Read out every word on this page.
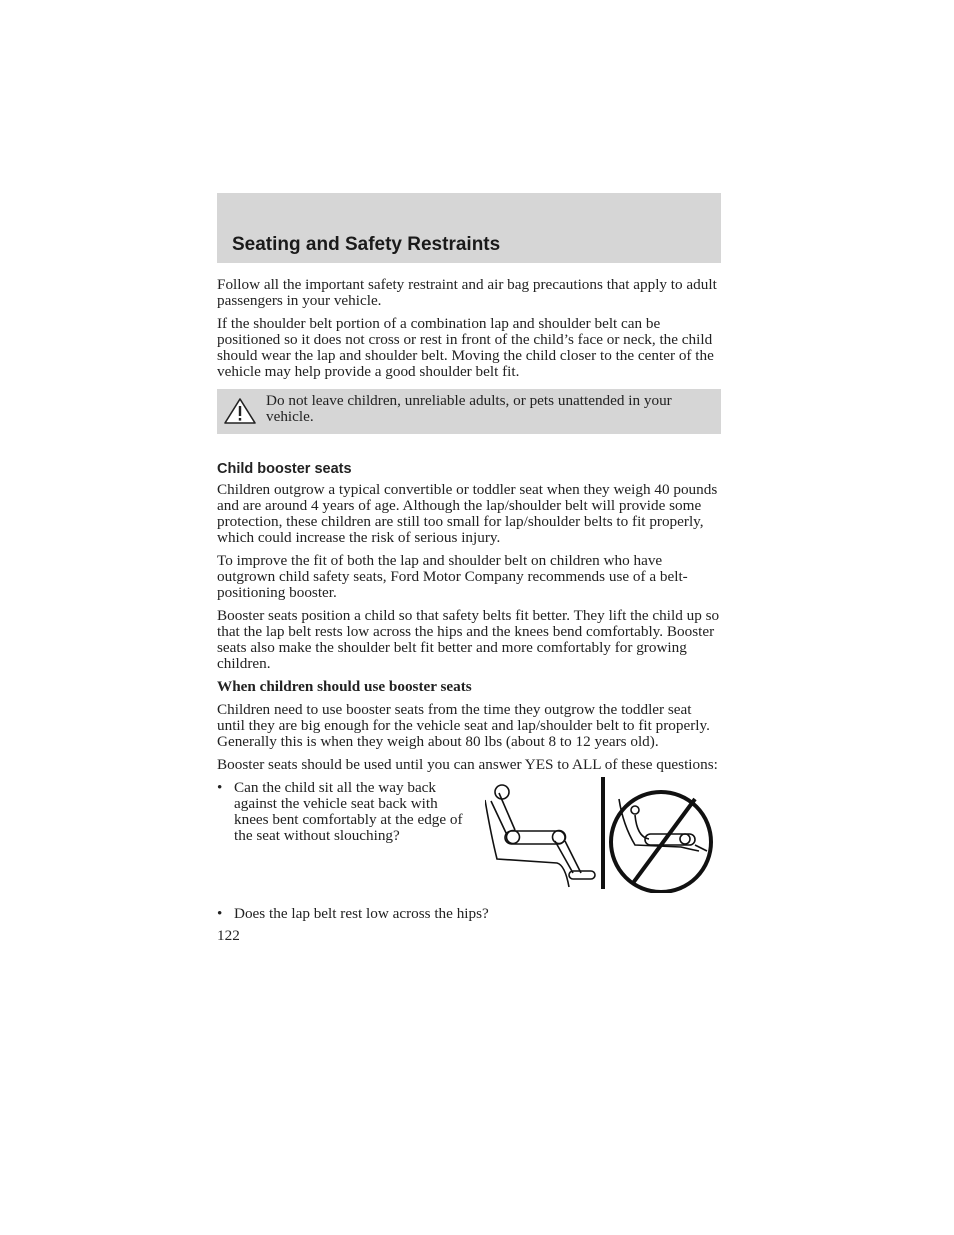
Seating and Safety Restraints

Follow all the important safety restraint and air bag precautions that apply to adult passengers in your vehicle.

If the shoulder belt portion of a combination lap and shoulder belt can be positioned so it does not cross or rest in front of the child’s face or neck, the child should wear the lap and shoulder belt. Moving the child closer to the center of the vehicle may help provide a good shoulder belt fit.

Do not leave children, unreliable adults, or pets unattended in your vehicle.
Child booster seats

Children outgrow a typical convertible or toddler seat when they weigh 40 pounds and are around 4 years of age. Although the lap/shoulder belt will provide some protection, these children are still too small for lap/shoulder belts to fit properly, which could increase the risk of serious injury.

To improve the fit of both the lap and shoulder belt on children who have outgrown child safety seats, Ford Motor Company recommends use of a belt-positioning booster.

Booster seats position a child so that safety belts fit better. They lift the child up so that the lap belt rests low across the hips and the knees bend comfortably. Booster seats also make the shoulder belt fit better and more comfortably for growing children.

When children should use booster seats

Children need to use booster seats from the time they outgrow the toddler seat until they are big enough for the vehicle seat and lap/shoulder belt to fit properly. Generally this is when they weigh about 80 lbs (about 8 to 12 years old).

Booster seats should be used until you can answer YES to ALL of these questions:

• Can the child sit all the way back against the vehicle seat back with knees bent comfortably at the edge of the seat without slouching?
• Does the lap belt rest low across the hips?
122
